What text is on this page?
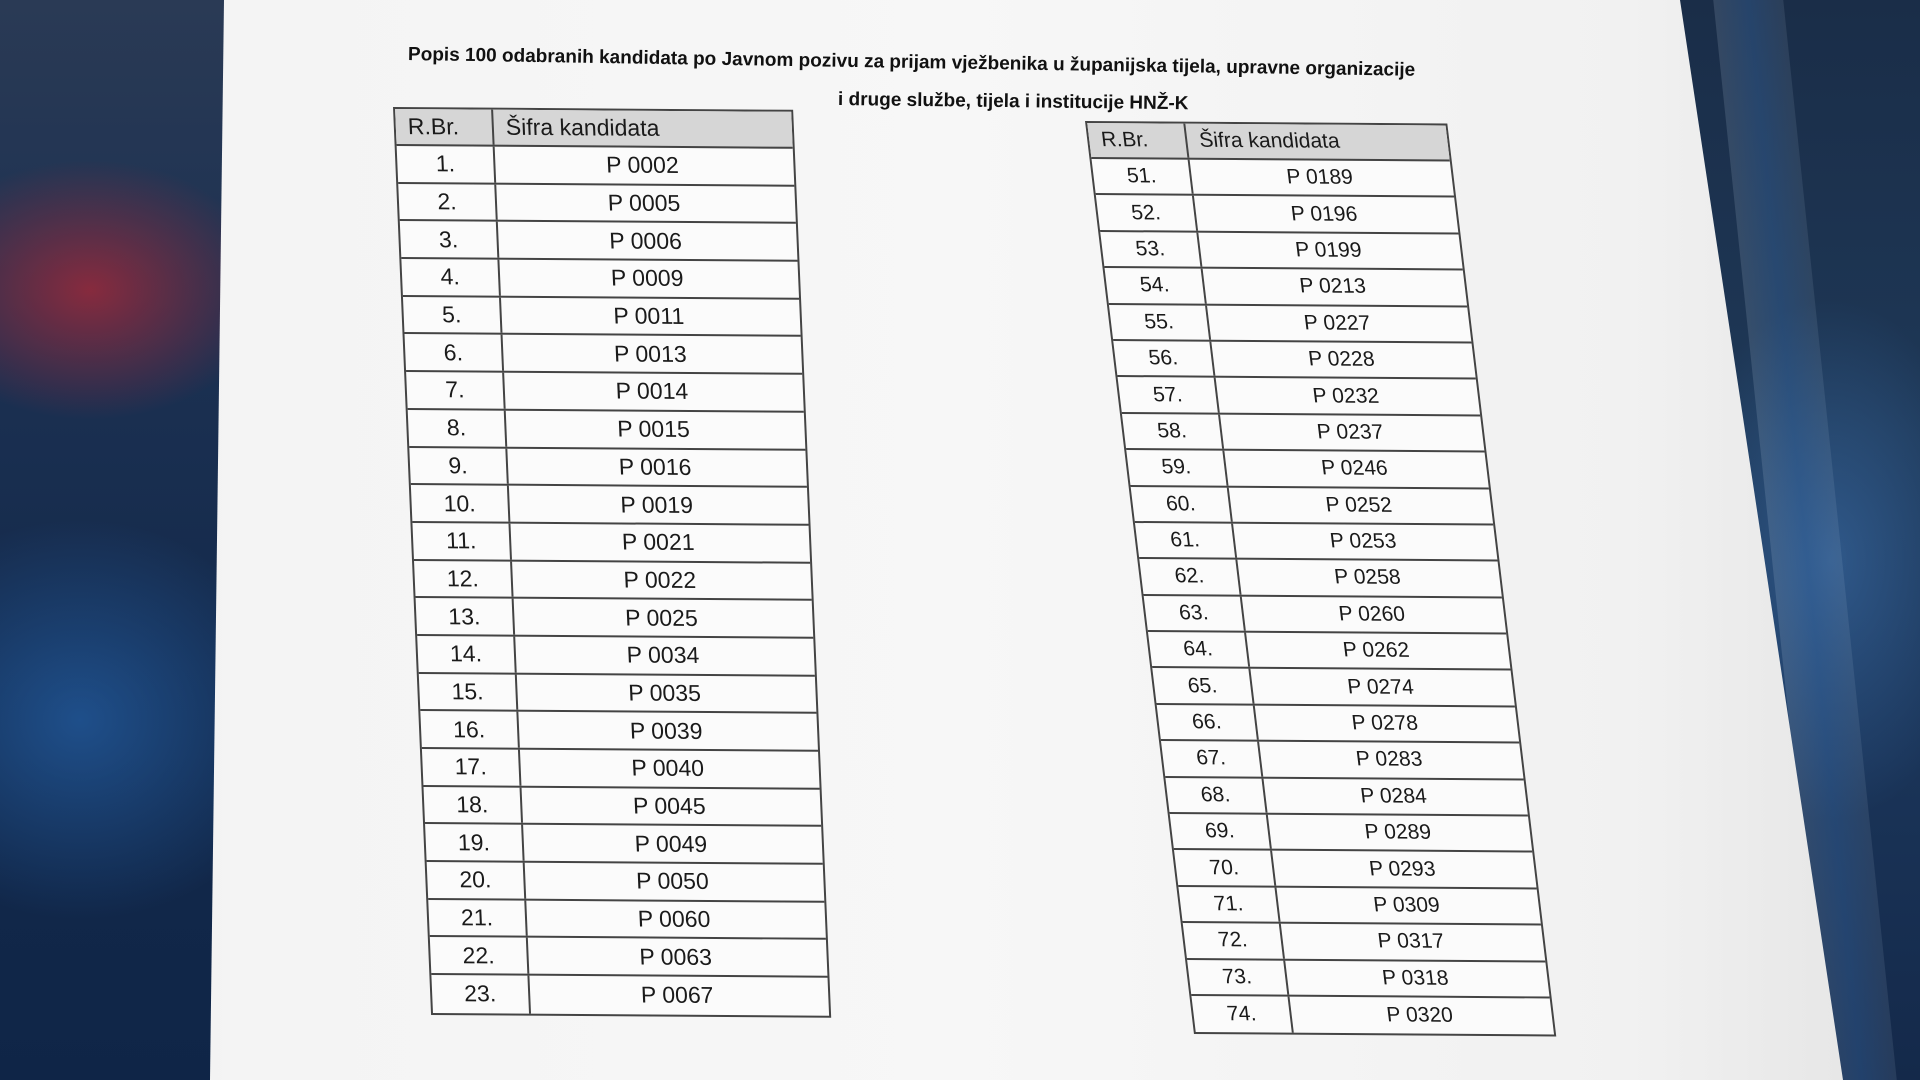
Popis 100 odabranih kandidata po Javnom pozivu za prijam vježbenika u županijska tijela, upravne organizacije
i druge službe, tijela i institucije HNŽ-K
R.Br.	Šifra kandidata
1.	P 0002
2.	P 0005
3.	P 0006
4.	P 0009
5.	P 0011
6.	P 0013
7.	P 0014
8.	P 0015
9.	P 0016
10.	P 0019
11.	P 0021
12.	P 0022
13.	P 0025
14.	P 0034
15.	P 0035
16.	P 0039
17.	P 0040
18.	P 0045
19.	P 0049
20.	P 0050
21.	P 0060
22.	P 0063
23.	P 0067
R.Br.	Šifra kandidata
51.	P 0189
52.	P 0196
53.	P 0199
54.	P 0213
55.	P 0227
56.	P 0228
57.	P 0232
58.	P 0237
59.	P 0246
60.	P 0252
61.	P 0253
62.	P 0258
63.	P 0260
64.	P 0262
65.	P 0274
66.	P 0278
67.	P 0283
68.	P 0284
69.	P 0289
70.	P 0293
71.	P 0309
72.	P 0317
73.	P 0318
74.	P 0320
